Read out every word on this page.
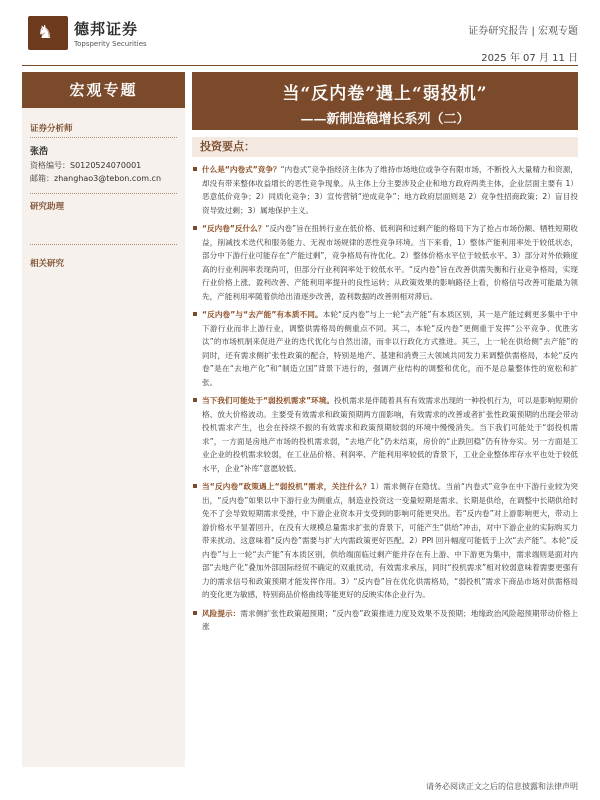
♞ 德邦证券
Topsperity Securities
证券研究报告 | 宏观专题
2025 年 07 月 11 日
宏观专题
证券分析师
张浩
资格编号：S0120524070001
邮箱：zhanghao3@tebon.com.cn
研究助理
相关研究
当“反内卷”遇上“弱投机”
——新制造稳增长系列（二）
投资要点：
什么是“内卷式”竞争？“内卷式”竞争指经济主体为了维持市场地位或争夺有限市场，不断投入大量精力和资源，却没有带来整体收益增长的恶性竞争现象。从主体上分主要涉及企业和地方政府两类主体，企业层面主要有 1）恶意低价竞争；2）同质化竞争；3）宣传营销“逆成竞争”；地方政府层面则是 2）竞争性招商政策；2）盲目投资导致过剩；3）属地保护主义。
“反内卷”反什么？“反内卷”旨在扭转行业在低价格、低利润和过剩产能的格局下为了抢占市场份额、牺牲短期收益，削减技术迭代和服务能力、无视市场规律的恶性竞争环境。当下来看，1）整体产能利用率处于较低状态，部分中下游行业可能存在“产能过剩”，竞争格局有待优化。2）整体价格水平位于较低水平。3）部分对外依赖度高的行业利润率表现尚可，但部分行业利润率处于较低水平。“反内卷”旨在改善供需失衡和行业竞争格局，实现行业价格上涨、盈利改善、产能利用率提升的良性运转；从政策效果的影响路径上看，价格信号改善可能最为领先，产能利用率随着供给出清逐步改善，盈利数据的改善则相对滞后。
“反内卷”与“去产能”有本质不同。本轮“反内卷”与上一轮“去产能”有本质区别，其一是产能过剩更多集中于中下游行业而非上游行业，调整供需格局的侧重点不同。其二，本轮“反内卷”更侧重于发挥“公平竞争、优胜劣汰”的市场机制来促进产业的迭代优化与自然出清，而非以行政化方式推进。其三，上一轮在供给侧“去产能”的同时，还有需求侧扩张性政策的配合，特别是地产、基建和消费三大领域共同发力来调整供需格局，本轮“反内卷”是在“去地产化”和“制造立国”背景下进行的，强调产业结构的调整和优化，而不是总量整体性的宽松和扩张。
当下我们可能处于“弱投机需求”环境。投机需求是伴随着具有有效需求出现的一种投机行为，可以是影响短期价格、放大价格波动。主要受有效需求和政策预期两方面影响，有效需求的改善或者扩张性政策预期的出现会带动投机需求产生，也会在持续不振的有效需求和政策预期较弱的环境中慢慢消失。当下我们可能处于“弱投机需求”，一方面是房地产市场的投机需求弱，“去地产化”仍未结束，房价的“止跌回稳”仍有待夯实。另一方面是工业企业的投机需求较弱，在工业品价格、利润率、产能利用率较低的背景下，工业企业整体库存水平也处于较低水平，企业“补库”意愿较低。
当“反内卷”政策遇上“弱投机”需求，关注什么？1）需求侧存在隐忧。当前“内卷式”竞争在中下游行业较为突出，“反内卷”如果以中下游行业为侧重点，制造业投资这一变量短期是需求、长期是供给，在调整中长期供给时免不了会导致短期需求受挫，中下游企业资本开支受到的影响可能更突出。若“反内卷”对上游影响更大，带动上游价格水平显著回升，在没有大规模总量需求扩张的背景下，可能产生“供给”冲击，对中下游企业的实际购买力带来扰动。这意味着“反内卷”需要与扩大内需政策更好匹配。2）PPI 回升幅度可能低于上次“去产能”。本轮“反内卷”与上一轮“去产能”有本质区别，供给端面临过剩产能并存在有上游、中下游更为集中，需求端则是面对内部“去地产化”叠加外部国际经贸不确定的双重扰动，有效需求承压，同时“投机需求”相对较弱意味着需要更强有力的需求信号和政策预期才能发挥作用。3）“反内卷”旨在优化供需格局，“弱投机”需求下商品市场对供需格局的变化更为敏感，特别商品价格曲线等能更好的反映实体企业行为。
风险提示：需求侧扩张性政策超预期；“反内卷”政策推进力度及效果不及预期；地缘政治风险超预期带动价格上涨
请务必阅读正文之后的信息披露和法律声明
